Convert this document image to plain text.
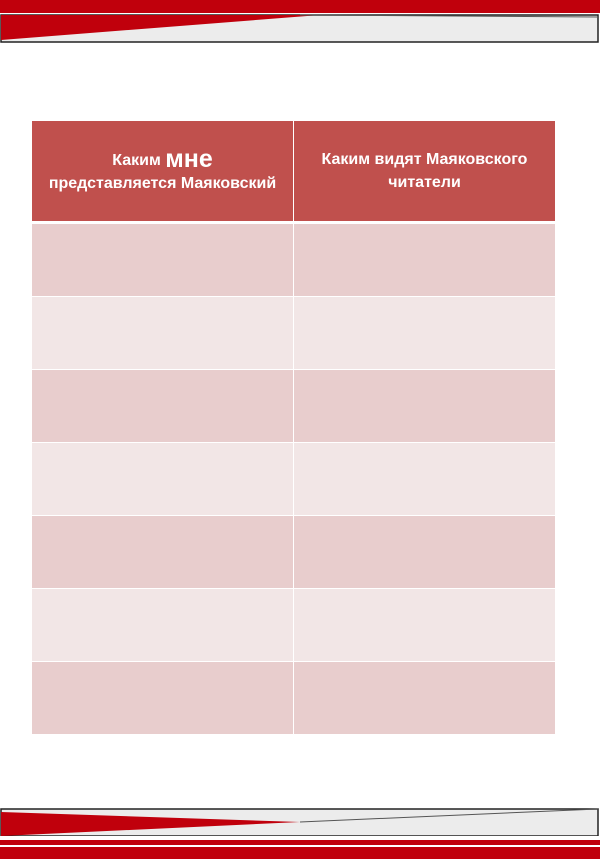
Каким мне
представляется Маяковский	Каким видят Маяковского читатели
